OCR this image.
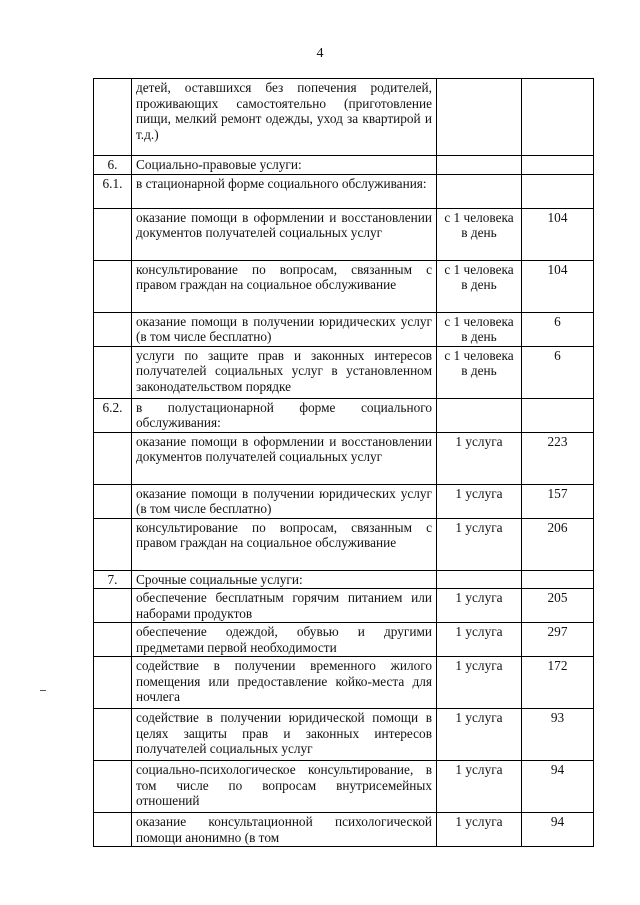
4
	детей, оставшихся без попечения родителей, проживающих самостоятельно (приготовление пищи, мелкий ремонт одежды, уход за квартирой и т.д.)		
6.	Социально-правовые услуги:		
6.1.	в стационарной форме социального обслуживания:		
	оказание помощи в оформлении и восстановлении документов получателей социальных услуг	с 1 человека в день	104
	консультирование по вопросам, связанным с правом граждан на социальное обслуживание	с 1 человека в день	104
	оказание помощи в получении юридических услуг (в том числе бесплатно)	с 1 человека в день	6
	услуги по защите прав и законных интересов получателей социальных услуг в установленном законодательством порядке	с 1 человека в день	6
6.2.	в полустационарной форме социального обслуживания:		
	оказание помощи в оформлении и восстановлении документов получателей социальных услуг	1 услуга	223
	оказание помощи в получении юридических услуг (в том числе бесплатно)	1 услуга	157
	консультирование по вопросам, связанным с правом граждан на социальное обслуживание	1 услуга	206
7.	Срочные социальные услуги:		
	обеспечение бесплатным горячим питанием или наборами продуктов	1 услуга	205
	обеспечение одеждой, обувью и другими предметами первой необходимости	1 услуга	297
	содействие в получении временного жилого помещения или предоставление койко-места для ночлега	1 услуга	172
	содействие в получении юридической помощи в целях защиты прав и законных интересов получателей социальных услуг	1 услуга	93
	социально-психологическое консультирование, в том числе по вопросам внутрисемейных отношений	1 услуга	94
	оказание консультационной психологической помощи анонимно (в том	1 услуга	94
